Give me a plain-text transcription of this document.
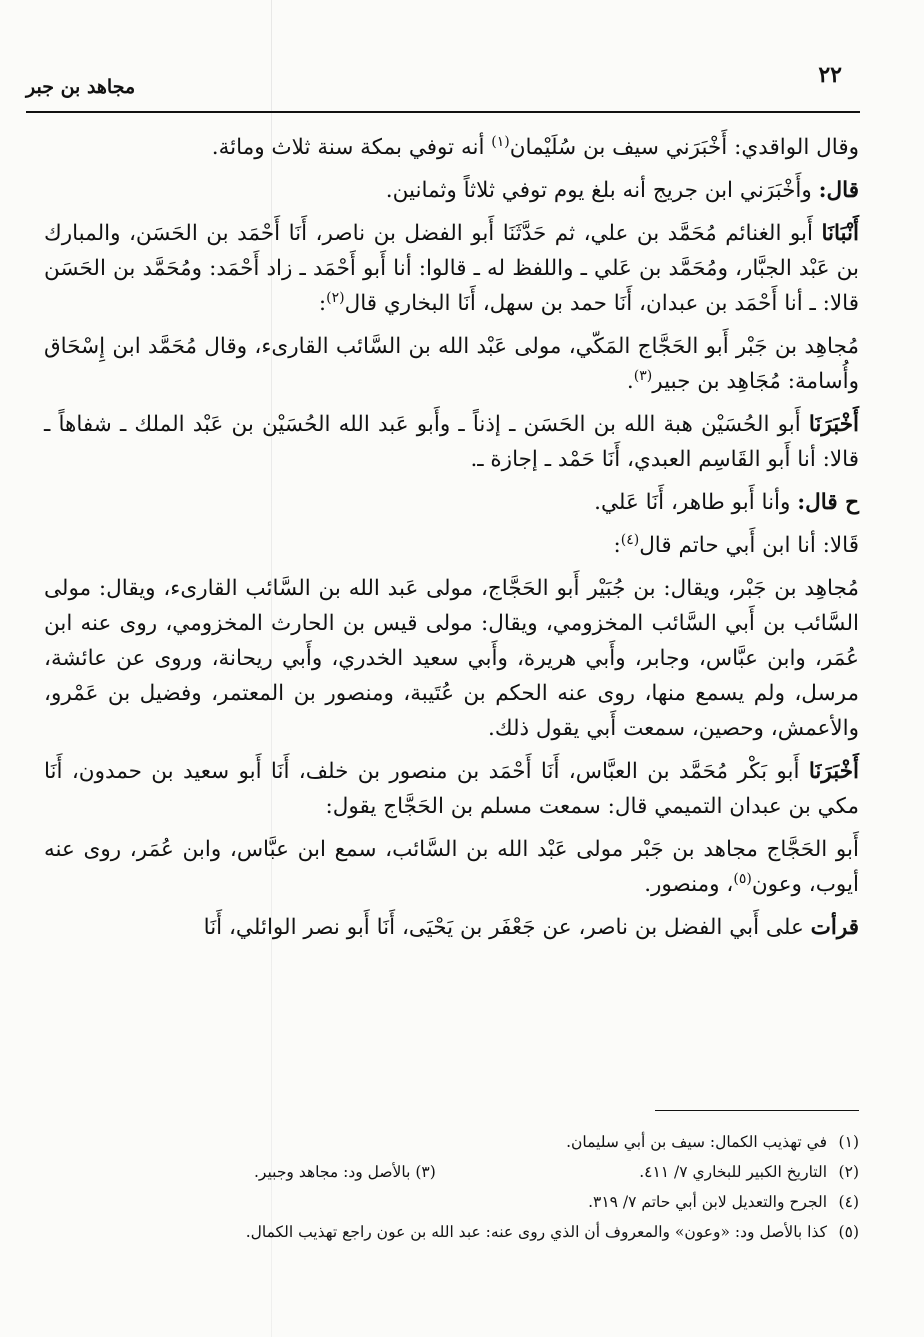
٢٢
مجاهد بن جبر

وقال الواقدي: أَخْبَرَني سيف بن سُلَيْمان$^{(١)}$ أنه توفي بمكة سنة ثلاث ومائة.

قال: وأَخْبَرَني ابن جريج أنه بلغ يوم توفي ثلاثاً وثمانين.

أَنْبَانَا أَبو الغنائم مُحَمَّد بن علي، ثم حَدَّثَنَا أَبو الفضل بن ناصر، أَنَا أَحْمَد بن الحَسَن، والمبارك بن عَبْد الجبَّار، ومُحَمَّد بن عَلي ـ واللفظ له ـ قالوا: أنا أَبو أَحْمَد ـ زاد أَحْمَد: ومُحَمَّد بن الحَسَن قالا: ـ أنا أَحْمَد بن عبدان، أَنَا حمد بن سهل، أَنَا البخاري قال$^{(٢)}$:

مُجاهِد بن جَبْر أَبو الحَجَّاج المَكّي، مولى عَبْد الله بن السَّائب القارىء، وقال مُحَمَّد ابن إِسْحَاق وأُسامة: مُجَاهِد بن جبير$^{(٣)}$.

أَخْبَرَنَا أَبو الحُسَيْن هبة الله بن الحَسَن ـ إذناً ـ وأَبو عَبد الله الحُسَيْن بن عَبْد الملك ـ شفاهاً ـ قالا: أنا أَبو القَاسِم العبدي، أَنَا حَمْد ـ إجازة ـ.

ح قال: وأنا أَبو طاهر، أَنَا عَلي.

قَالا: أنا ابن أَبي حاتم قال$^{(٤)}$:

مُجاهِد بن جَبْر، ويقال: بن جُبَيْر أَبو الحَجَّاج، مولى عَبد الله بن السَّائب القارىء، ويقال: مولى السَّائب بن أَبي السَّائب المخزومي، ويقال: مولى قيس بن الحارث المخزومي، روى عنه ابن عُمَر، وابن عبَّاس، وجابر، وأَبي هريرة، وأَبي سعيد الخدري، وأَبي ريحانة، وروى عن عائشة، مرسل، ولم يسمع منها، روى عنه الحكم بن عُتَيبة، ومنصور بن المعتمر، وفضيل بن عَمْرو، والأعمش، وحصين، سمعت أَبي يقول ذلك.

أَخْبَرَنَا أَبو بَكْر مُحَمَّد بن العبَّاس، أَنَا أَحْمَد بن منصور بن خلف، أَنَا أَبو سعيد بن حمدون، أَنَا مكي بن عبدان التميمي قال: سمعت مسلم بن الحَجَّاج يقول:

أَبو الحَجَّاج مجاهد بن جَبْر مولى عَبْد الله بن السَّائب، سمع ابن عبَّاس، وابن عُمَر، روى عنه أيوب، وعون$^{(٥)}$، ومنصور.

قرأت على أَبي الفضل بن ناصر، عن جَعْفَر بن يَحْيَى، أَنَا أَبو نصر الوائلي، أَنَا

(١)في تهذيب الكمال: سيف بن أبي سليمان.
(٢)التاريخ الكبير للبخاري ٧/ ٤١١.
(٣) بالأصل ود: مجاهد وجبير.
(٤)الجرح والتعديل لابن أبي حاتم ٧/ ٣١٩.
(٥)كذا بالأصل ود: «وعون» والمعروف أن الذي روى عنه: عبد الله بن عون راجع تهذيب الكمال.
